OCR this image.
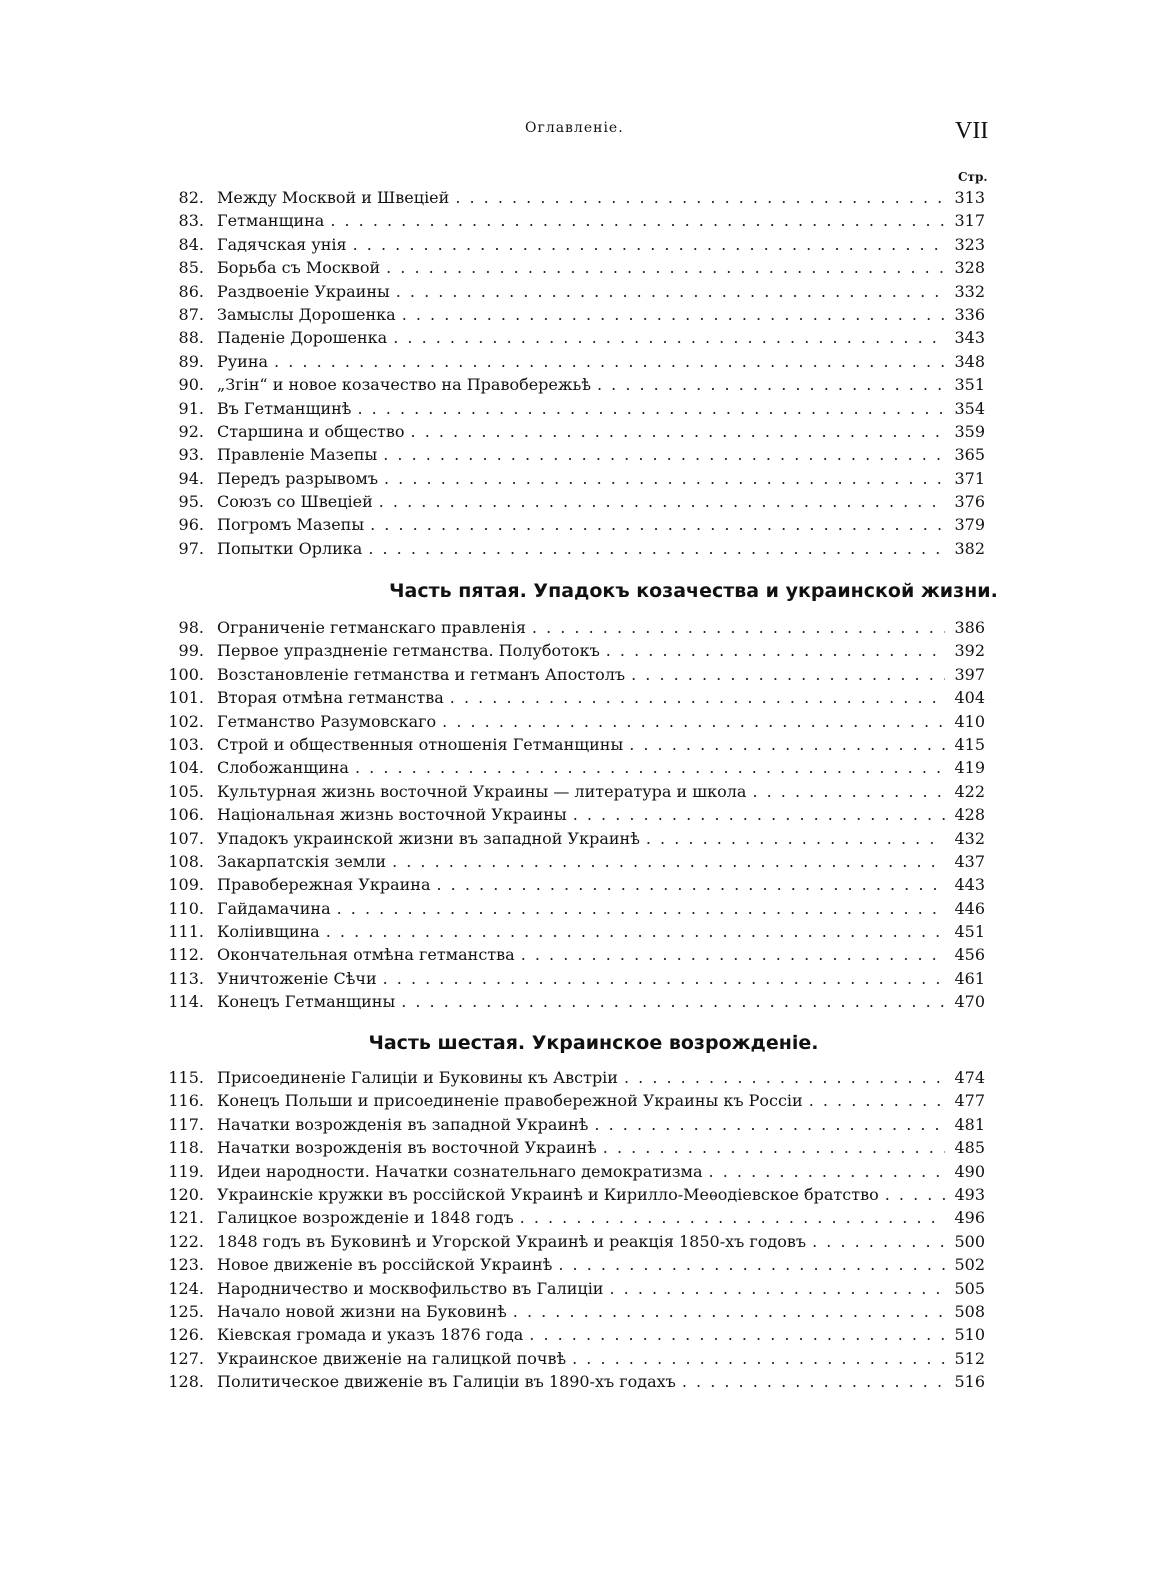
Оглавленіе.	VII
Стр.
82. Между Москвой и Швеціей . . .	313
83. Гетманщина . . .	317
84. Гадячская унія . . .	323
85. Борьба съ Москвой . . .	328
86. Раздвоеніе Украины . . .	332
87. Замыслы Дорошенка . . .	336
88. Паденіе Дорошенка . . .	343
89. Руина . . .	348
90. „Згін“ и новое козачество на Правобережьѣ . . .	351
91. Въ Гетманщинѣ . . .	354
92. Старшина и общество . . .	359
93. Правленіе Мазепы . . .	365
94. Передъ разрывомъ . . .	371
95. Союзъ со Швеціей . . .	376
96. Погромъ Мазепы . . .	379
97. Попытки Орлика . . .	382
Часть пятая. Упадокъ козачества и украинской жизни.
98. Ограниченіе гетманскаго правленія . . .	386
99. Первое упраздненіе гетманства. Полуботокъ . . .	392
100. Возстановленіе гетманства и гетманъ Апостолъ . . .	397
101. Вторая отмѣна гетманства . . .	404
102. Гетманство Разумовскаго . . .	410
103. Строй и общественныя отношенія Гетманщины . . .	415
104. Слобожанщина . . .	419
105. Культурная жизнь восточной Украины — литература и школа . . .	422
106. Національная жизнь восточной Украины . . .	428
107. Упадокъ украинской жизни въ западной Украинѣ . . .	432
108. Закарпатскія земли . . .	437
109. Правобережная Украина . . .	443
110. Гайдамачина . . .	446
111. Коліивщина . . .	451
112. Окончательная отмѣна гетманства . . .	456
113. Уничтоженіе Сѣчи . . .	461
114. Конецъ Гетманщины . . .	470
Часть шестая. Украинское возрожденіе.
115. Присоединеніе Галиціи и Буковины къ Австріи . . .	474
116. Конецъ Польши и присоединеніе правобережной Украины къ Россіи . . .	477
117. Начатки возрожденія въ западной Украинѣ . . .	481
118. Начатки возрожденія въ восточной Украинѣ . . .	485
119. Идеи народности. Начатки сознательнаго демократизма . . .	490
120. Украинскіе кружки въ россійской Украинѣ и Кирилло-Меѳодіевское братство . . .	493
121. Галицкое возрожденіе и 1848 годъ . . .	496
122. 1848 годъ въ Буковинѣ и Угорской Украинѣ и реакція 1850-хъ годовъ . . .	500
123. Новое движеніе въ россійской Украинѣ . . .	502
124. Народничество и москвофильство въ Галиціи . . .	505
125. Начало новой жизни на Буковинѣ . . .	508
126. Кіевская громада и указъ 1876 года . . .	510
127. Украинское движеніе на галицкой почвѣ . . .	512
128. Политическое движеніе въ Галиціи въ 1890-хъ годахъ . . .	516
